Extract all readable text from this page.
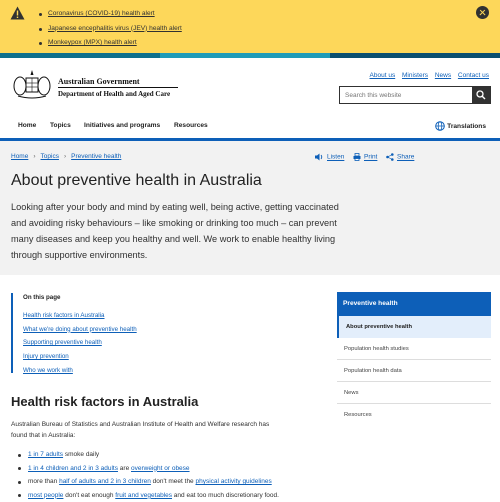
Coronavirus (COVID-19) health alert
Japanese encephalitis virus (JEV) health alert
Monkeypox (MPX) health alert
Australian Government
Department of Health and Aged Care
About us Ministers News Contact us
Search this website
Home Topics Initiatives and programs Resources	Translations
Home › Topics › Preventive health	Listen	Print	Share
About preventive health in Australia

Looking after your body and mind by eating well, being active, getting vaccinated and avoiding risky behaviours – like smoking or drinking too much – can prevent many diseases and keep you healthy and well. We work to enable healthy living through supportive environments.

On this page
Health risk factors in Australia
What we're doing about preventive health
Supporting preventive health
Injury prevention
Who we work with
Health risk factors in Australia

Australian Bureau of Statistics and Australian Institute of Health and Welfare research has found that in Australia:

1 in 7 adults smoke daily
1 in 4 children and 2 in 3 adults are overweight or obese
more than half of adults and 2 in 3 children don't meet the physical activity guidelines
most people don't eat enough fruit and vegetables and eat too much discretionary food.
Preventive health
About preventive health
Population health studies
Population health data
News
Resources
